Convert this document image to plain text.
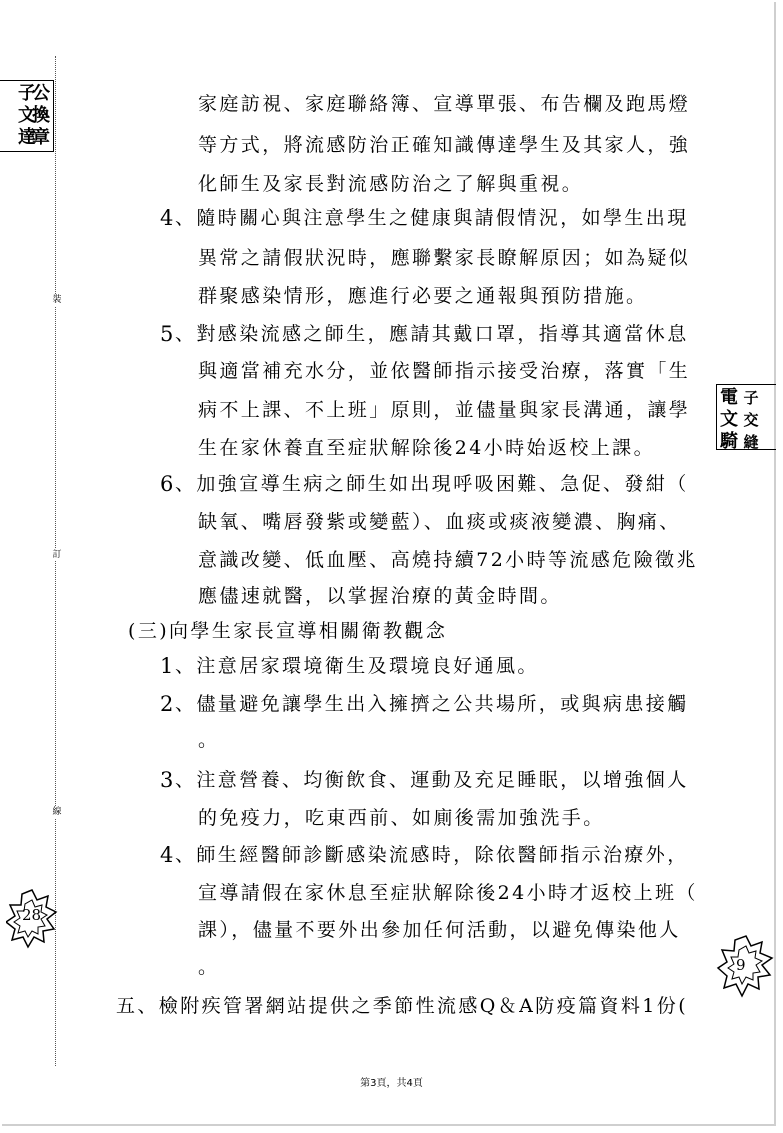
裝
訂
線
公
換
章
子
文
達
電
文
騎
子
交
縫
28
9
家庭訪視、家庭聯絡簿、宣導單張、布告欄及跑馬燈
等方式，將流感防治正確知識傳達學生及其家人，強
化師生及家長對流感防治之了解與重視。
4 、隨時關心與注意學生之健康與請假情況，如學生出現
異常之請假狀況時，應聯繫家長瞭解原因；如為疑似
群聚感染情形，應進行必要之通報與預防措施。
5 、對感染流感之師生，應請其戴口罩，指導其適當休息
與適當補充水分，並依醫師指示接受治療，落實「生
病不上課、不上班」原則，並儘量與家長溝通，讓學
生在家休養直至症狀解除後24小時始返校上課。
6 、加強宣導生病之師生如出現呼吸困難、急促、發紺（
缺氧、嘴唇發紫或變藍）、血痰或痰液變濃、胸痛、
意識改變、低血壓、高燒持續72小時等流感危險徵兆
應儘速就醫，以掌握治療的黃金時間。
(三)向學生家長宣導相關衛教觀念
1 、注意居家環境衛生及環境良好通風。
2 、儘量避免讓學生出入擁擠之公共場所，或與病患接觸
。
3 、注意營養、均衡飲食、運動及充足睡眠，以增強個人
的免疫力，吃東西前、如廁後需加強洗手。
4 、師生經醫師診斷感染流感時，除依醫師指示治療外，
宣導請假在家休息至症狀解除後24小時才返校上班（
課），儘量不要外出參加任何活動，以避免傳染他人
。
五、檢附疾管署網站提供之季節性流感Q＆A防疫篇資料1份(
第3頁，共4頁
